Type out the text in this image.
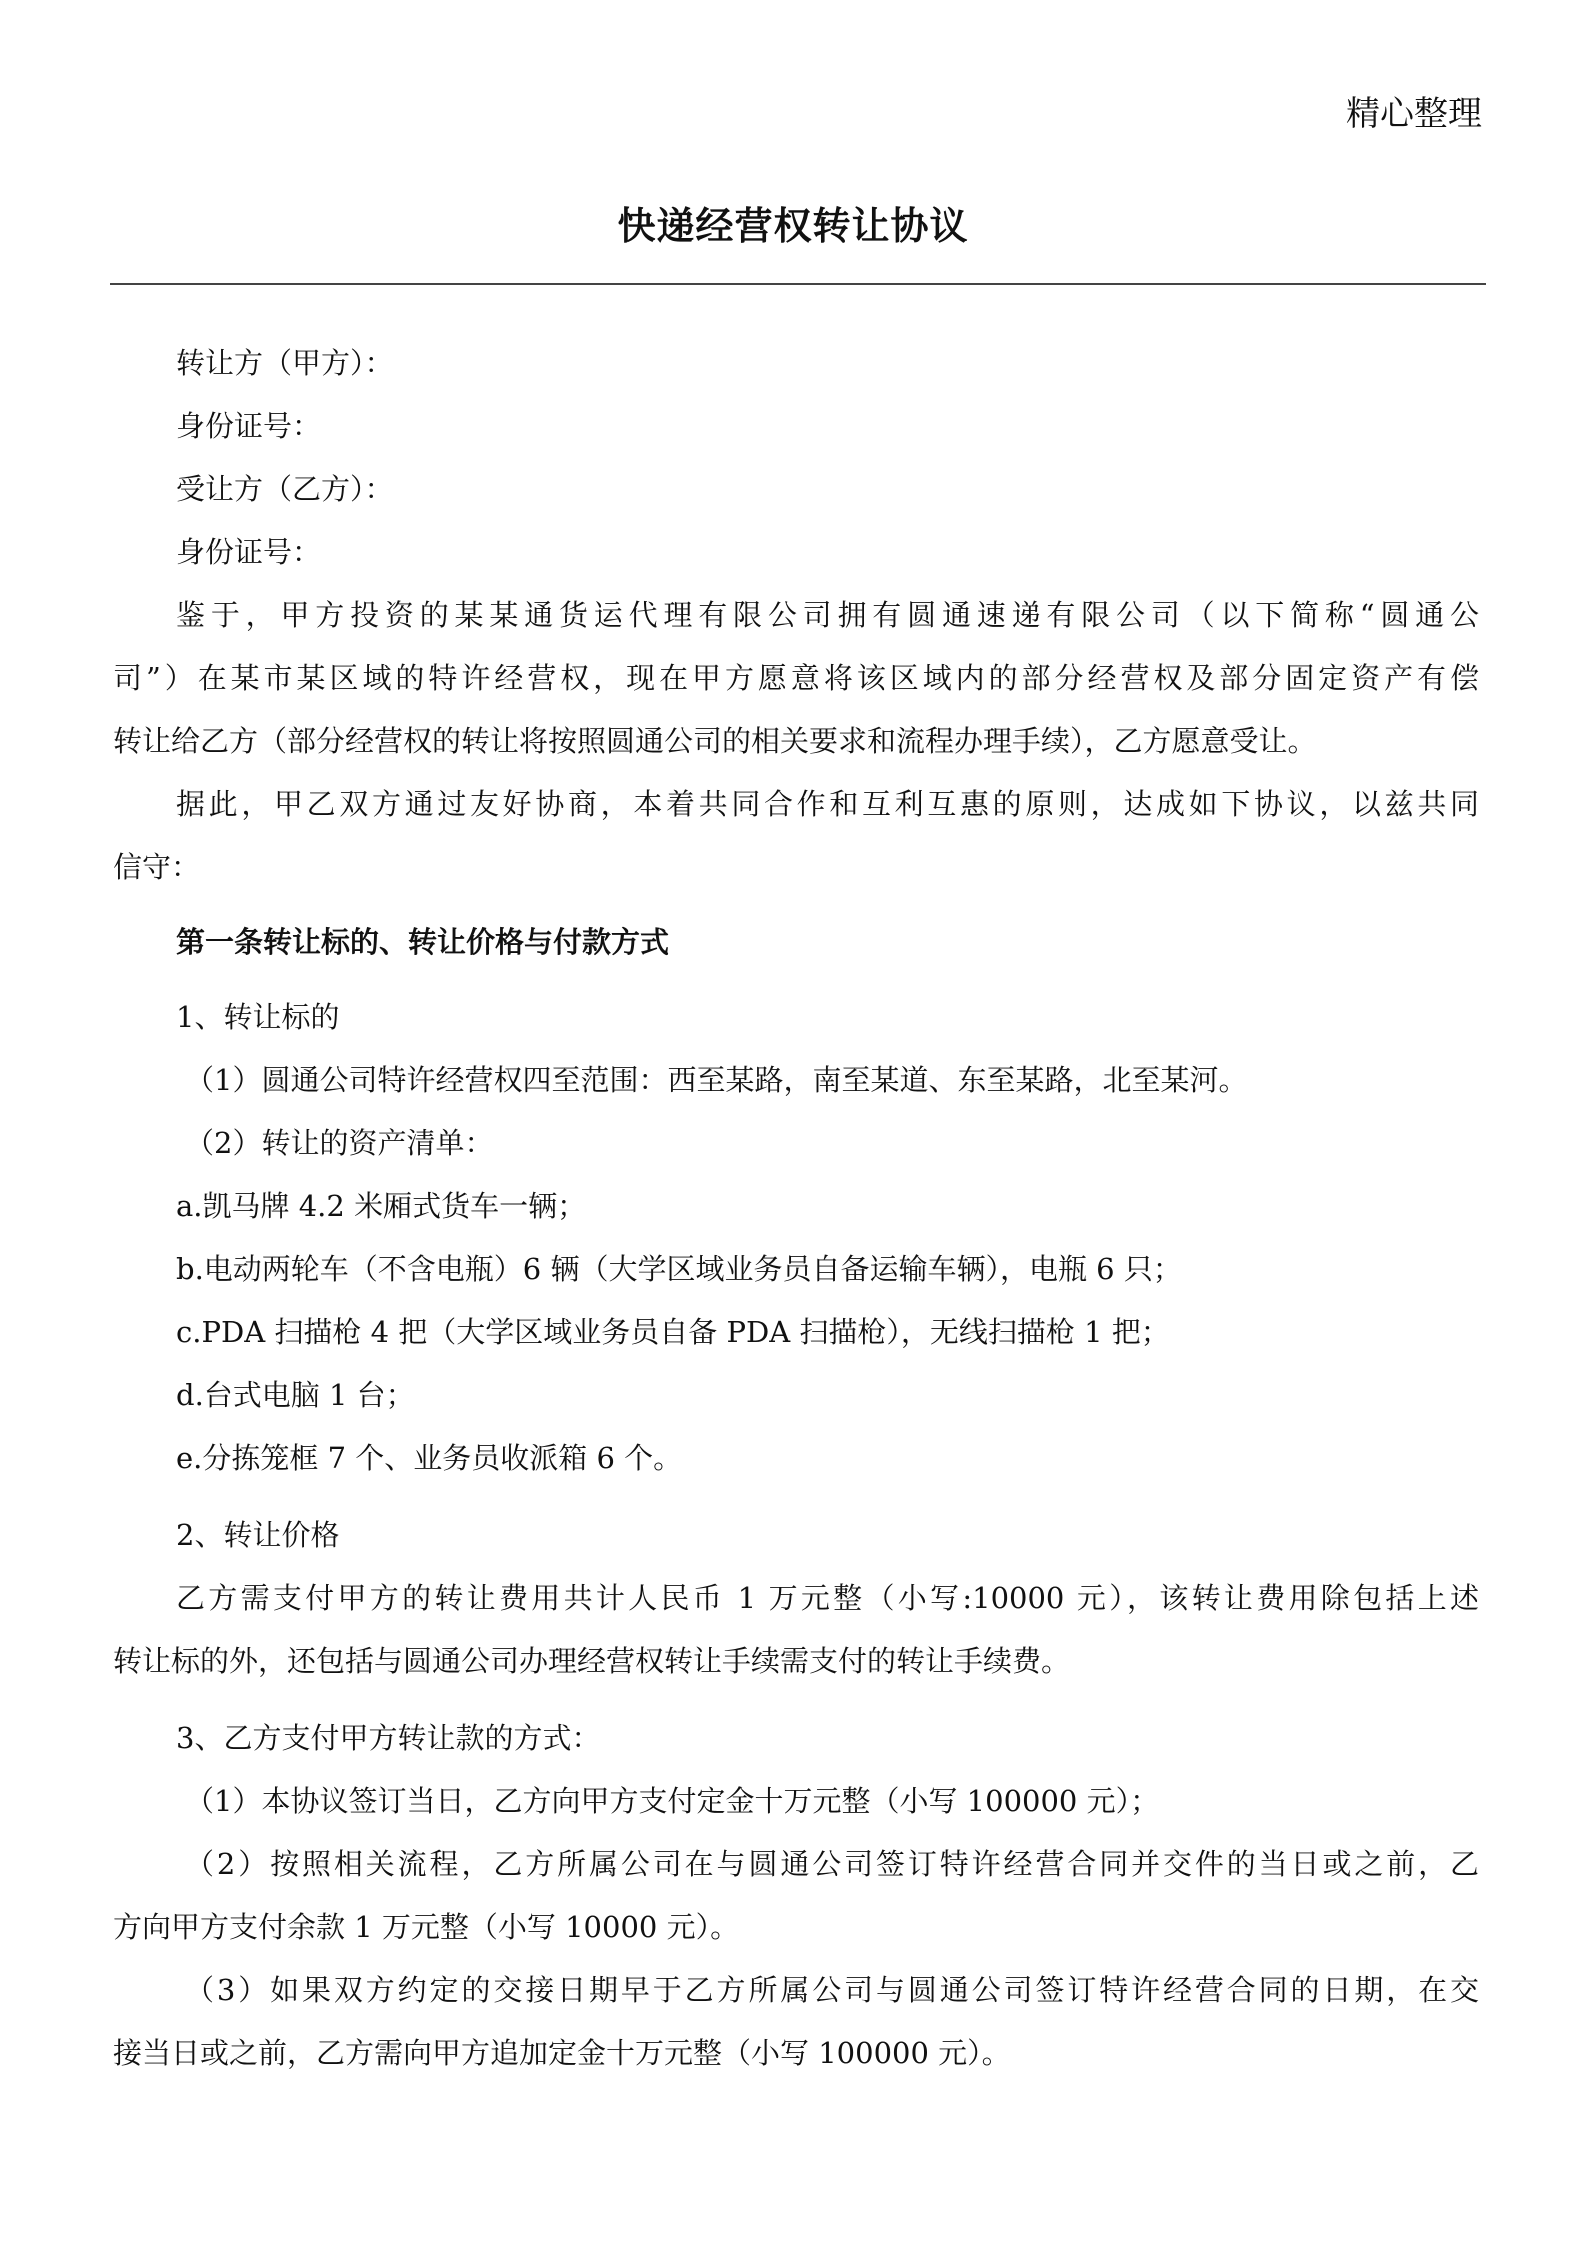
精心整理
快递经营权转让协议
转让方（甲方）：
身份证号：
受让方（乙方）：
身份证号：
鉴于，甲方投资的某某通货运代理有限公司拥有圆通速递有限公司（以下简称“圆通公
司”）在某市某区域的特许经营权，现在甲方愿意将该区域内的部分经营权及部分固定资产有偿
转让给乙方（部分经营权的转让将按照圆通公司的相关要求和流程办理手续），乙方愿意受让。
据此，甲乙双方通过友好协商，本着共同合作和互利互惠的原则，达成如下协议，以兹共同
信守：
第一条转让标的、转让价格与付款方式
1、转让标的
（1）圆通公司特许经营权四至范围：西至某路，南至某道、东至某路，北至某河。
（2）转让的资产清单：
a.凯马牌 4.2 米厢式货车一辆；
b.电动两轮车（不含电瓶）6 辆（大学区域业务员自备运输车辆），电瓶 6 只；
c.PDA 扫描枪 4 把（大学区域业务员自备 PDA 扫描枪），无线扫描枪 1 把；
d.台式电脑 1 台；
e.分拣笼框 7 个、业务员收派箱 6 个。
2、转让价格
乙方需支付甲方的转让费用共计人民币 1 万元整（小写:10000 元），该转让费用除包括上述
转让标的外，还包括与圆通公司办理经营权转让手续需支付的转让手续费。
3、乙方支付甲方转让款的方式：
（1）本协议签订当日，乙方向甲方支付定金十万元整（小写 100000 元）；
（2）按照相关流程，乙方所属公司在与圆通公司签订特许经营合同并交件的当日或之前，乙
方向甲方支付余款 1 万元整（小写 10000 元）。
（3）如果双方约定的交接日期早于乙方所属公司与圆通公司签订特许经营合同的日期，在交
接当日或之前，乙方需向甲方追加定金十万元整（小写 100000 元）。
